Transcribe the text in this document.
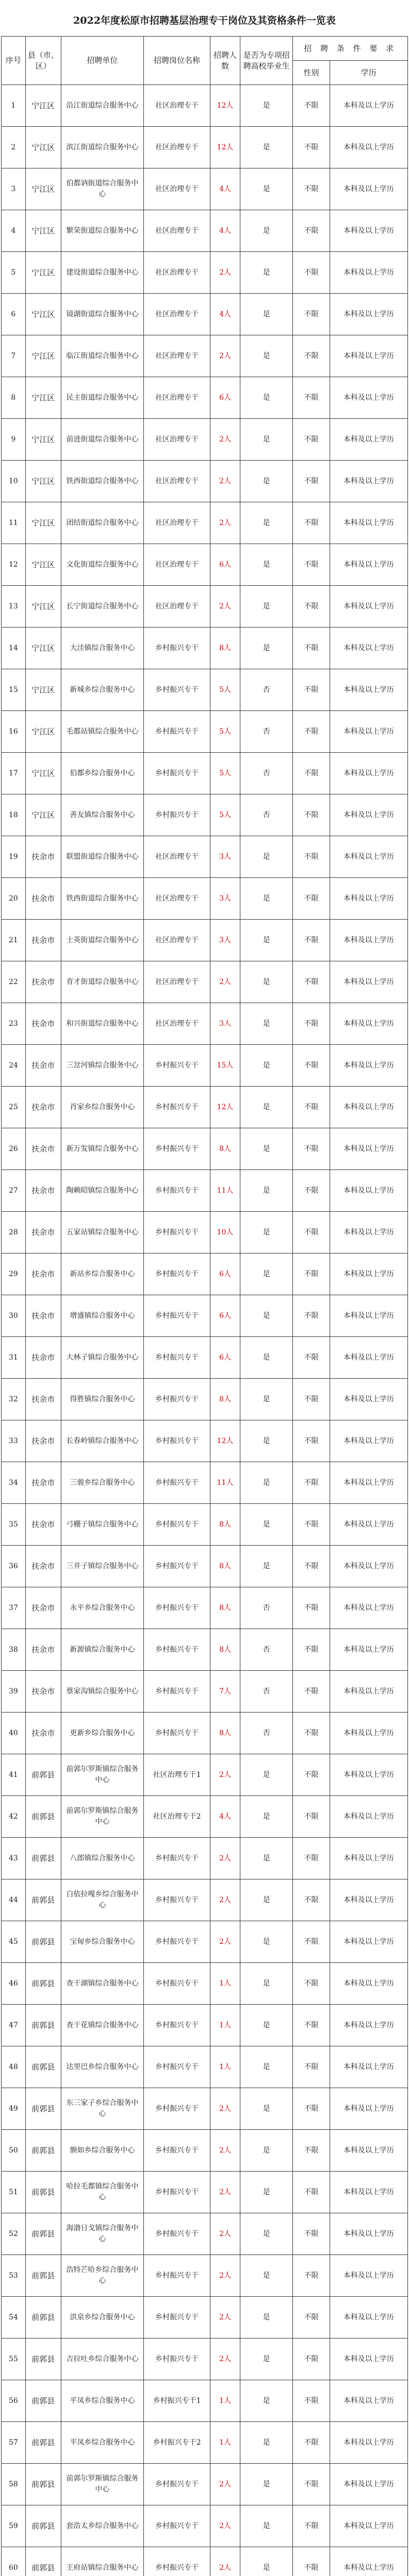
2022年度松原市招聘基层治理专干岗位及其资格条件一览表
序号	县（市、区）	招聘单位	招聘岗位名称	招聘人数	是否为专项招聘高校毕业生	招 聘 条 件 要 求	
						性别	学历
1	宁江区	沿江街道综合服务中心	社区治理专干	12人	是	不限	本科及以上学历
2	宁江区	滨江街道综合服务中心	社区治理专干	12人	是	不限	本科及以上学历
3	宁江区	伯都讷街道综合服务中心	社区治理专干	4人	是	不限	本科及以上学历
4	宁江区	繁荣街道综合服务中心	社区治理专干	4人	是	不限	本科及以上学历
5	宁江区	建设街道综合服务中心	社区治理专干	2人	是	不限	本科及以上学历
6	宁江区	镜湖街道综合服务中心	社区治理专干	4人	是	不限	本科及以上学历
7	宁江区	临江街道综合服务中心	社区治理专干	2人	是	不限	本科及以上学历
8	宁江区	民主街道综合服务中心	社区治理专干	6人	是	不限	本科及以上学历
9	宁江区	前进街道综合服务中心	社区治理专干	2人	是	不限	本科及以上学历
10	宁江区	铁西街道综合服务中心	社区治理专干	2人	是	不限	本科及以上学历
11	宁江区	团结街道综合服务中心	社区治理专干	2人	是	不限	本科及以上学历
12	宁江区	文化街道综合服务中心	社区治理专干	6人	是	不限	本科及以上学历
13	宁江区	长宁街道综合服务中心	社区治理专干	2人	是	不限	本科及以上学历
14	宁江区	大洼镇综合服务中心	乡村振兴专干	8人	是	不限	本科及以上学历
15	宁江区	新城乡综合服务中心	乡村振兴专干	5人	否	不限	本科及以上学历
16	宁江区	毛都站镇综合服务中心	乡村振兴专干	5人	否	不限	本科及以上学历
17	宁江区	伯都乡综合服务中心	乡村振兴专干	5人	否	不限	本科及以上学历
18	宁江区	善友镇综合服务中心	乡村振兴专干	5人	否	不限	本科及以上学历
19	扶余市	联盟街道综合服务中心	社区治理专干	3人	是	不限	本科及以上学历
20	扶余市	铁西街道综合服务中心	社区治理专干	3人	是	不限	本科及以上学历
21	扶余市	士英街道综合服务中心	社区治理专干	3人	是	不限	本科及以上学历
22	扶余市	育才街道综合服务中心	社区治理专干	2人	是	不限	本科及以上学历
23	扶余市	和兴街道综合服务中心	社区治理专干	3人	是	不限	本科及以上学历
24	扶余市	三岔河镇综合服务中心	乡村振兴专干	15人	是	不限	本科及以上学历
25	扶余市	肖家乡综合服务中心	乡村振兴专干	12人	是	不限	本科及以上学历
26	扶余市	新万发镇综合服务中心	乡村振兴专干	8人	是	不限	本科及以上学历
27	扶余市	陶赖昭镇综合服务中心	乡村振兴专干	11人	是	不限	本科及以上学历
28	扶余市	五家站镇综合服务中心	乡村振兴专干	10人	是	不限	本科及以上学历
29	扶余市	新站乡综合服务中心	乡村振兴专干	6人	是	不限	本科及以上学历
30	扶余市	增盛镇综合服务中心	乡村振兴专干	6人	是	不限	本科及以上学历
31	扶余市	大林子镇综合服务中心	乡村振兴专干	6人	是	不限	本科及以上学历
32	扶余市	得胜镇综合服务中心	乡村振兴专干	8人	是	不限	本科及以上学历
33	扶余市	长春岭镇综合服务中心	乡村振兴专干	12人	是	不限	本科及以上学历
34	扶余市	三骏乡综合服务中心	乡村振兴专干	11人	是	不限	本科及以上学历
35	扶余市	弓棚子镇综合服务中心	乡村振兴专干	8人	是	不限	本科及以上学历
36	扶余市	三井子镇综合服务中心	乡村振兴专干	8人	是	不限	本科及以上学历
37	扶余市	永平乡综合服务中心	乡村振兴专干	8人	否	不限	本科及以上学历
38	扶余市	新源镇综合服务中心	乡村振兴专干	8人	否	不限	本科及以上学历
39	扶余市	蔡家沟镇综合服务中心	乡村振兴专干	7人	否	不限	本科及以上学历
40	扶余市	更新乡综合服务中心	乡村振兴专干	8人	否	不限	本科及以上学历
41	前郭县	前郭尔罗斯镇综合服务中心	社区治理专干1	2人	是	不限	本科及以上学历
42	前郭县	前郭尔罗斯镇综合服务中心	社区治理专干2	4人	是	不限	本科及以上学历
43	前郭县	八郎镇综合服务中心	乡村振兴专干	2人	是	不限	本科及以上学历
44	前郭县	白依拉嘎乡综合服务中心	乡村振兴专干	2人	是	不限	本科及以上学历
45	前郭县	宝甸乡综合服务中心	乡村振兴专干	2人	是	不限	本科及以上学历
46	前郭县	查干湖镇综合服务中心	乡村振兴专干	1人	是	不限	本科及以上学历
47	前郭县	查干花镇综合服务中心	乡村振兴专干	1人	是	不限	本科及以上学历
48	前郭县	达里巴乡综合服务中心	乡村振兴专干	1人	是	不限	本科及以上学历
49	前郭县	东三家子乡综合服务中心	乡村振兴专干	2人	是	不限	本科及以上学历
50	前郭县	额如乡综合服务中心	乡村振兴专干	2人	是	不限	本科及以上学历
51	前郭县	哈拉毛都镇综合服务中心	乡村振兴专干	2人	是	不限	本科及以上学历
52	前郭县	海渤日戈镇综合服务中心	乡村振兴专干	2人	是	不限	本科及以上学历
53	前郭县	浩特芒哈乡综合服务中心	乡村振兴专干	2人	是	不限	本科及以上学历
54	前郭县	洪泉乡综合服务中心	乡村振兴专干	2人	是	不限	本科及以上学历
55	前郭县	吉拉吐乡综合服务中心	乡村振兴专干	2人	是	不限	本科及以上学历
56	前郭县	平凤乡综合服务中心	乡村振兴专干1	1人	是	不限	本科及以上学历
57	前郭县	平凤乡综合服务中心	乡村振兴专干2	1人	是	不限	本科及以上学历
58	前郭县	前郭尔罗斯镇综合服务中心	乡村振兴专干	2人	是	不限	本科及以上学历
59	前郭县	套浩太乡综合服务中心	乡村振兴专干	2人	是	不限	本科及以上学历
60	前郭县	王府站镇综合服务中心	乡村振兴专干	2人	是	不限	本科及以上学历
